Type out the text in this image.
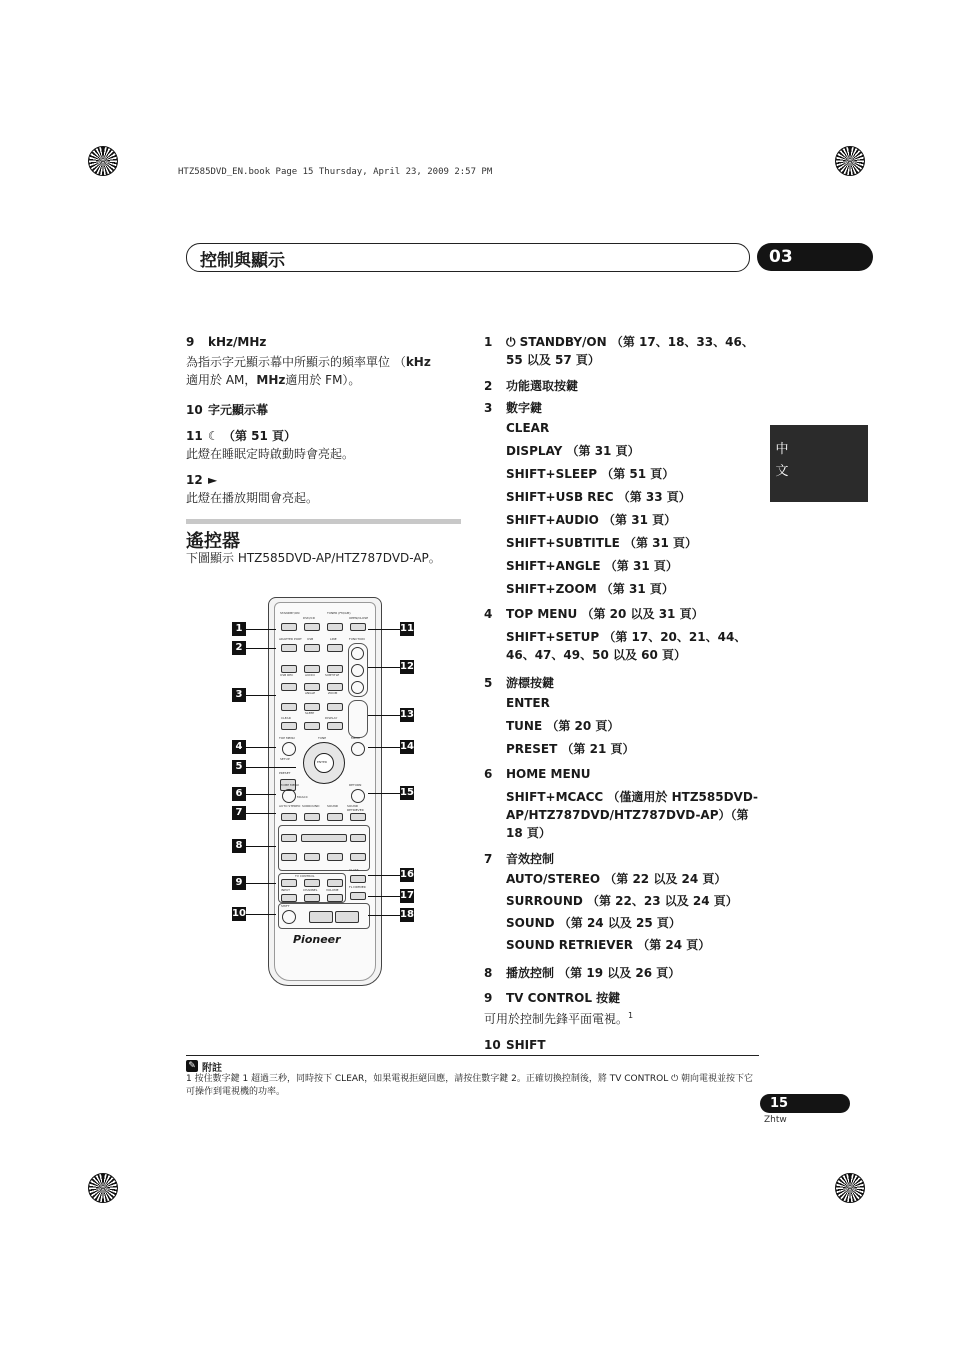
HTZ585DVD_EN.book Page 15 Thursday, April 23, 2009 2:57 PM
控制與顯示	03
中
文
9 kHz/MHz
為指示字元顯示幕中所顯示的頻率單位 （kHz
適用於 AM，MHz適用於 FM）。
10 字元顯示幕
11 ☾ （第 51 頁）
此燈在睡眠定時啟動時會亮起。
12 ►
此燈在播放期間會亮起。
遙控器
下圖顯示 HTZ585DVD-AP/HTZ787DVD-AP。
STANDBY/ON
DVD/CD
TUNER (FM/AM)
OPEN/CLOSE
ADAPTER PORT USB	LINE	FUNCTION
USB REC	AUDIO	SUBTITLE
ANGLE	ZOOM
CLEAR
SLEEP
DISPLAY
TOP MENU	TUNE	MENU
SETUP
ENTER
PRESET
HOME MENU	RETURN
MCACC
AUTO STEREO SURROUND	SOUND	SOUND RETRIEVER
TV CONTROL
CLASS
INPUT	CHANNEL	VOLUME
FL DIMMER
SHIFT
Pioneer
1
2
3
4
5
6
7
8
9
10
11
12
13
14
15
16
17
18
1	⏻ STANDBY/ON （第 17、18、33、46、55 以及 57 頁）
2 功能選取按鍵
3 數字鍵
CLEAR
DISPLAY （第 31 頁）
SHIFT+SLEEP （第 51 頁）
SHIFT+USB REC （第 33 頁）
SHIFT+AUDIO （第 31 頁）
SHIFT+SUBTITLE （第 31 頁）
SHIFT+ANGLE （第 31 頁）
SHIFT+ZOOM （第 31 頁）
4 TOP MENU （第 20 以及 31 頁）
SHIFT+SETUP （第 17、20、21、44、46、47、49、50 以及 60 頁）
5 游標按鍵
ENTER
TUNE （第 20 頁）
PRESET （第 21 頁）
6 HOME MENU
SHIFT+MCACC （僅適用於 HTZ585DVD-AP/HTZ787DVD/HTZ787DVD-AP）（第 18 頁）
7 音效控制
AUTO/STEREO （第 22 以及 24 頁）
SURROUND （第 22、23 以及 24 頁）
SOUND （第 24 以及 25 頁）
SOUND RETRIEVER （第 24 頁）
8 播放控制 （第 19 以及 26 頁）
9 TV CONTROL 按鍵
可用於控制先鋒平面電視。$^1$
10 SHIFT
✎ 附註
1 按住數字鍵 1 超過三秒，同時按下 CLEAR，如果電視拒絕回應，請按住數字鍵 2。正確切換控制後，將 TV CONTROL ⏻ 朝向電視並按下它可操作到電視機的功率。
15
Zhtw
